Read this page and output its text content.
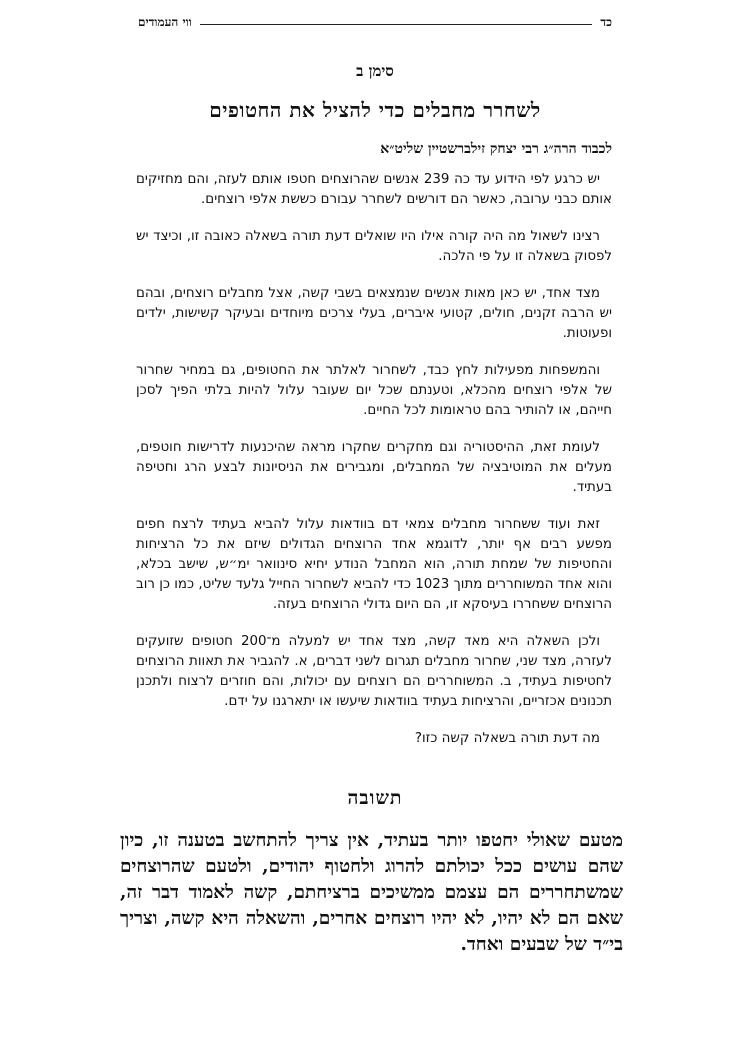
כד
ווי העמודים
סימן ב
לשחרר מחבלים כדי להציל את החטופים
לכבוד הרה״ג רבי יצחק זילברשטיין שליט״א

יש כרגע לפי הידוע עד כה 239 אנשים שהרוצחים חטפו אותם לעזה, והם מחזיקים אותם כבני ערובה, כאשר הם דורשים לשחרר עבורם כששת אלפי רוצחים.

רצינו לשאול מה היה קורה אילו היו שואלים דעת תורה בשאלה כאובה זו, וכיצד יש לפסוק בשאלה זו על פי הלכה.

מצד אחד, יש כאן מאות אנשים שנמצאים בשבי קשה, אצל מחבלים רוצחים, ובהם יש הרבה זקנים, חולים, קטועי איברים, בעלי צרכים מיוחדים ובעיקר קשישות, ילדים ופעוטות.

והמשפחות מפעילות לחץ כבד, לשחרור לאלתר את החטופים, גם במחיר שחרור של אלפי רוצחים מהכלא, וטענתם שכל יום שעובר עלול להיות בלתי הפיך לסכן חייהם, או להותיר בהם טראומות לכל החיים.

לעומת זאת, ההיסטוריה וגם מחקרים שחקרו מראה שהיכנעות לדרישות חוטפים, מעלים את המוטיבציה של המחבלים, ומגבירים את הניסיונות לבצע הרג וחטיפה בעתיד.

זאת ועוד ששחרור מחבלים צמאי דם בוודאות עלול להביא בעתיד לרצח חפים מפשע רבים אף יותר, לדוגמא אחד הרוצחים הגדולים שיזם את כל הרציחות והחטיפות של שמחת תורה, הוא המחבל הנודע יחיא סינוואר ימ״ש, שישב בכלא, והוא אחד המשוחררים מתוך 1023 כדי להביא לשחרור החייל גלעד שליט, כמו כן רוב הרוצחים ששחררו בעיסקא זו, הם היום גדולי הרוצחים בעזה.

ולכן השאלה היא מאד קשה, מצד אחד יש למעלה מ־200 חטופים שזועקים לעזרה, מצד שני, שחרור מחבלים תגרום לשני דברים, א. להגביר את תאוות הרוצחים לחטיפות בעתיד, ב. המשוחררים הם רוצחים עם יכולות, והם חוזרים לרצוח ולתכנן תכנונים אכזריים, והרציחות בעתיד בוודאות שיעשו או יתארגנו על ידם.

מה דעת תורה בשאלה קשה כזו?

תשובה

מטעם שאולי יחטפו יותר בעתיד, אין צריך להתחשב בטענה זו, כיון שהם עושים ככל יכולתם להרוג ולחטוף יהודים, ולטעם שהרוצחים שמשתחררים הם עצמם ממשיכים ברציחתם, קשה לאמוד דבר זה, שאם הם לא יהיו, לא יהיו רוצחים אחרים, והשאלה היא קשה, וצריך בי״ד של שבעים ואחד.
